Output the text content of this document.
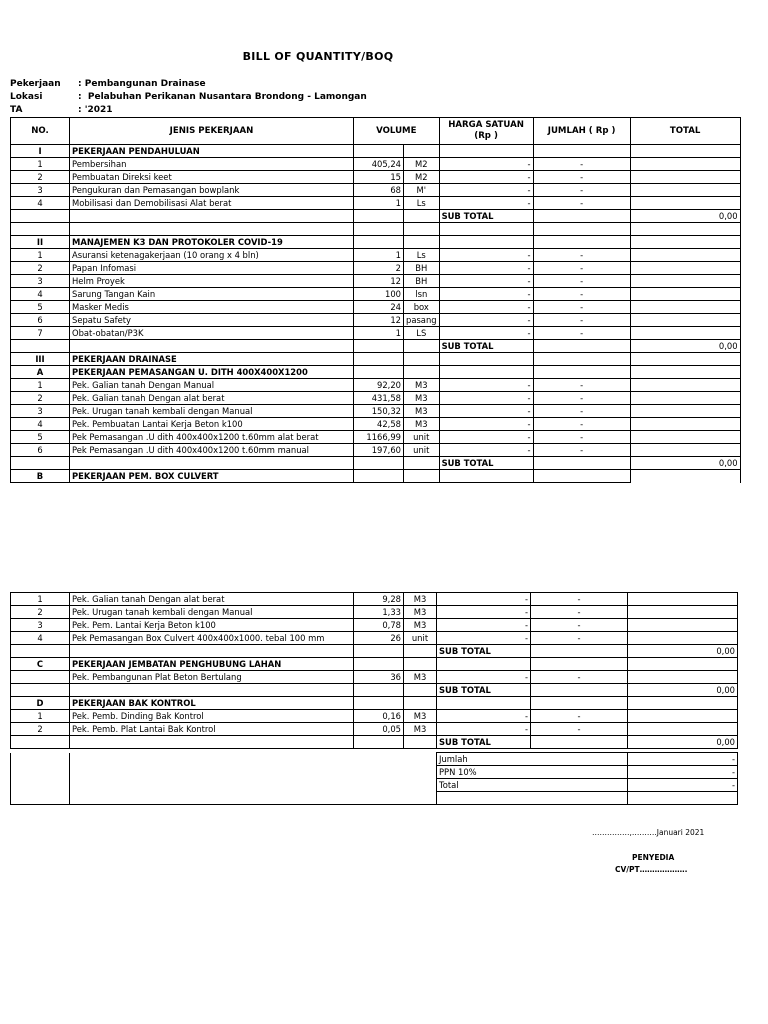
BILL OF QUANTITY/BOQ
Pekerjaan : Pembangunan Drainase
Lokasi	:  Pelabuhan Perikanan Nusantara Brondong - Lamongan
TA	: '2021
NO.	JENIS PEKERJAAN	VOLUME		HARGA SATUAN (Rp )	JUMLAH ( Rp )	TOTAL
I	PEKERJAAN PENDAHULUAN					
1	Pembersihan	405,24	M2	-	-	
2	Pembuatan Direksi keet	15	M2	-	-	
3	Pengukuran dan Pemasangan bowplank	68	M'	-	-	
4	Mobilisasi dan Demobilisasi Alat berat	1	Ls	-	-	
				SUB TOTAL		0,00

II	MANAJEMEN K3 DAN PROTOKOLER COVID-19					
1	Asuransi ketenagakerjaan (10 orang x 4 bln)	1	Ls	-	-	
2	Papan Infomasi	2	BH	-	-	
3	Helm Proyek	12	BH	-	-	
4	Sarung Tangan Kain	100	lsn	-	-	
5	Masker Medis	24	box	-	-	
6	Sepatu Safety	12	pasang	-	-	
7	Obat-obatan/P3K	1	LS	-	-	
				SUB TOTAL		0,00
III	PEKERJAAN DRAINASE					
A	PEKERJAAN PEMASANGAN U. DITH 400X400X1200					
1	Pek. Galian tanah Dengan Manual	92,20	M3	-	-	
2	Pek. Galian tanah Dengan alat berat	431,58	M3	-	-	
3	Pek. Urugan tanah kembali dengan Manual	150,32	M3	-	-	
4	Pek. Pembuatan Lantai Kerja Beton k100	42,58	M3	-	-	
5	Pek Pemasangan .U dith 400x400x1200 t.60mm alat berat	1166,99	unit	-	-	
6	Pek Pemasangan .U dith 400x400x1200 t.60mm manual	197,60	unit	-	-	
				SUB TOTAL		0,00
B	PEKERJAAN PEM. BOX CULVERT					
1	Pek. Galian tanah Dengan alat berat	9,28	M3	-	-	
2	Pek. Urugan tanah kembali dengan Manual	1,33	M3	-	-	
3	Pek. Pem. Lantai Kerja Beton k100	0,78	M3	-	-	
4	Pek Pemasangan Box Culvert 400x400x1000. tebal 100 mm	26	unit	-	-	
				SUB TOTAL		0,00
C	PEKERJAAN JEMBATAN PENGHUBUNG LAHAN					
	Pek. Pembangunan Plat Beton Bertulang	36	M3	-	-	
				SUB TOTAL		0,00
D	PEKERJAAN BAK KONTROL					
1	Pek. Pemb. Dinding Bak Kontrol	0,16	M3	-	-	
2	Pek. Pemb. Plat Lantai Bak Kontrol	0,05	M3	-	-	
				SUB TOTAL		0,00
		Jumlah	-
		PPN 10%	-
		Total	-

……………,……….Januari 2021
PENYEDIA
CV/PT……………….
